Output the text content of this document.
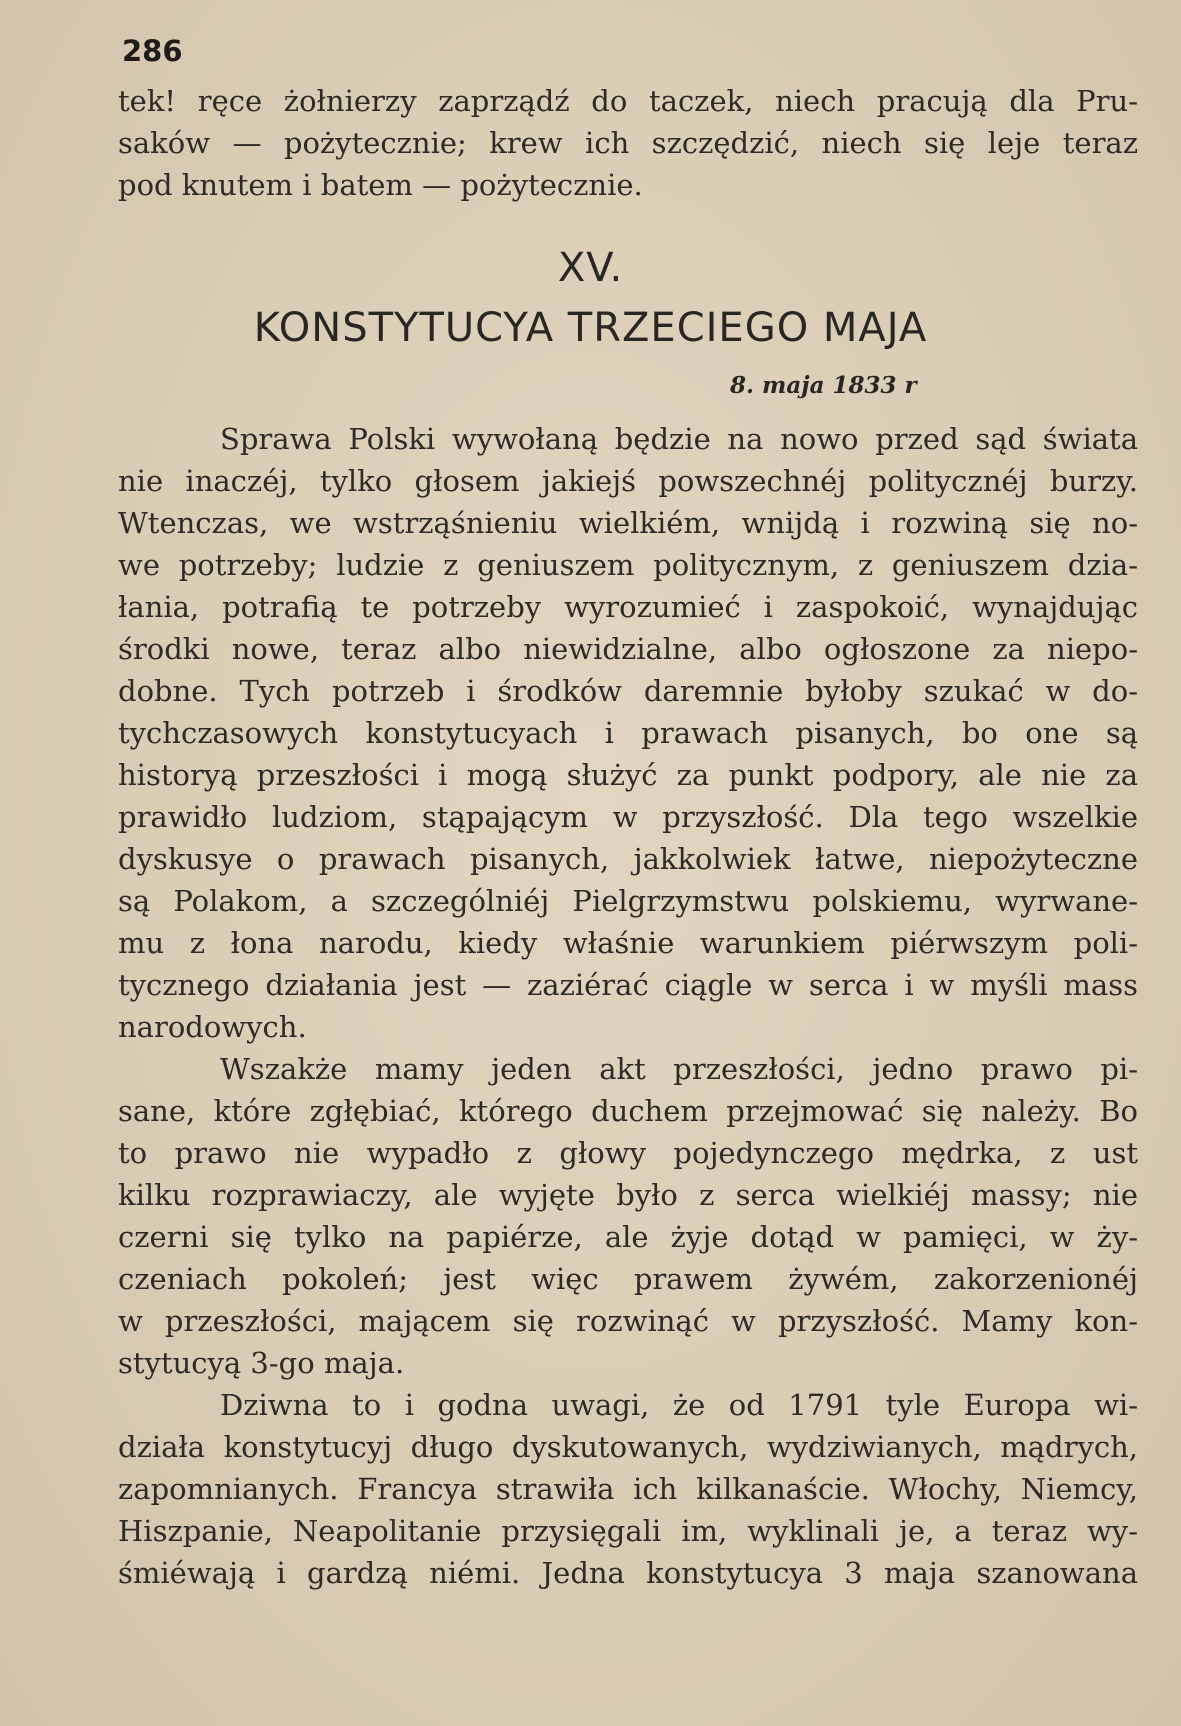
286
tek! ręce żołnierzy zaprządź do taczek, niech pracują dla Pru-
saków — pożytecznie; krew ich szczędzić, niech się leje teraz
pod knutem i batem — pożytecznie.
XV.
KONSTYTUCYA TRZECIEGO MAJA
8. maja 1833 r
Sprawa Polski wywołaną będzie na nowo przed sąd świata
nie inaczéj, tylko głosem jakiejś powszechnéj politycznéj burzy.
Wtenczas, we wstrząśnieniu wielkiém, wnijdą i rozwiną się no-
we potrzeby; ludzie z geniuszem politycznym, z geniuszem dzia-
łania, potrafią te potrzeby wyrozumieć i zaspokoić, wynajdując
środki nowe, teraz albo niewidzialne, albo ogłoszone za niepo-
dobne. Tych potrzeb i środków daremnie byłoby szukać w do-
tychczasowych konstytucyach i prawach pisanych, bo one są
historyą przeszłości i mogą służyć za punkt podpory, ale nie za
prawidło ludziom, stąpającym w przyszłość. Dla tego wszelkie
dyskusye o prawach pisanych, jakkolwiek łatwe, niepożyteczne
są Polakom, a szczególniéj Pielgrzymstwu polskiemu, wyrwane-
mu z łona narodu, kiedy właśnie warunkiem piérwszym poli-
tycznego działania jest — zaziérać ciągle w serca i w myśli mass
narodowych.
Wszakże mamy jeden akt przeszłości, jedno prawo pi-
sane, które zgłębiać, którego duchem przejmować się należy. Bo
to prawo nie wypadło z głowy pojedynczego mędrka, z ust
kilku rozprawiaczy, ale wyjęte było z serca wielkiéj massy; nie
czerni się tylko na papiérze, ale żyje dotąd w pamięci, w ży-
czeniach pokoleń; jest więc prawem żywém, zakorzenionéj
w przeszłości, mającem się rozwinąć w przyszłość. Mamy kon-
stytucyą 3-go maja.
Dziwna to i godna uwagi, że od 1791 tyle Europa wi-
działa konstytucyj długo dyskutowanych, wydziwianych, mądrych,
zapomnianych. Francya strawiła ich kilkanaście. Włochy, Niemcy,
Hiszpanie, Neapolitanie przysięgali im, wyklinali je, a teraz wy-
śmiéwają i gardzą niémi. Jedna konstytucya 3 maja szanowana
